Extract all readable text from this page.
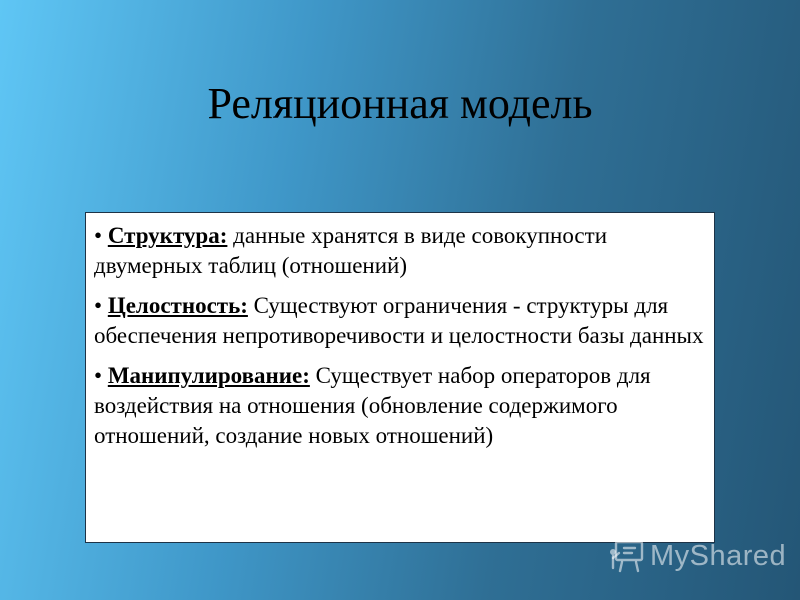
Реляционная модель
• Структура: данные хранятся в виде совокупности двумерных таблиц (отношений)
• Целостность: Существуют ограничения - структуры для обеспечения непротиворечивости и целостности базы данных
• Манипулирование: Существует набор операторов для воздействия на отношения (обновление содержимого отношений, создание новых отношений)
MyShared
